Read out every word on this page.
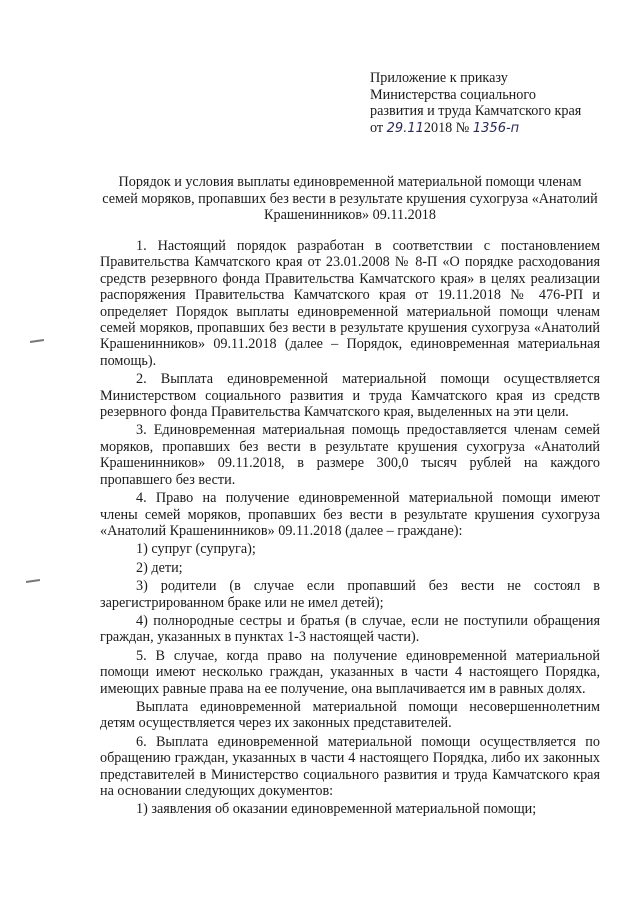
Приложение к приказу
Министерства социального
развития и труда Камчатского края
от 29.112018 № 1356-п
Порядок и условия выплаты единовременной материальной помощи членам семей моряков, пропавших без вести в результате крушения сухогруза «Анатолий Крашенинников» 09.11.2018

1. Настоящий порядок разработан в соответствии с постановлением Правительства Камчатского края от 23.01.2008 № 8-П «О порядке расходования средств резервного фонда Правительства Камчатского края» в целях реализации распоряжения Правительства Камчатского края от 19.11.2018 № 476-РП и определяет Порядок выплаты единовременной материальной помощи членам семей моряков, пропавших без вести в результате крушения сухогруза «Анатолий Крашенинников» 09.11.2018 (далее – Порядок, единовременная материальная помощь).

2. Выплата единовременной материальной помощи осуществляется Министерством социального развития и труда Камчатского края из средств резервного фонда Правительства Камчатского края, выделенных на эти цели.

3. Единовременная материальная помощь предоставляется членам семей моряков, пропавших без вести в результате крушения сухогруза «Анатолий Крашенинников» 09.11.2018, в размере 300,0 тысяч рублей на каждого пропавшего без вести.

4. Право на получение единовременной материальной помощи имеют члены семей моряков, пропавших без вести в результате крушения сухогруза «Анатолий Крашенинников» 09.11.2018 (далее – граждане):

1) супруг (супруга);

2) дети;

3) родители (в случае если пропавший без вести не состоял в зарегистрированном браке или не имел детей);

4) полнородные сестры и братья (в случае, если не поступили обращения граждан, указанных в пунктах 1-3 настоящей части).

5. В случае, когда право на получение единовременной материальной помощи имеют несколько граждан, указанных в части 4 настоящего Порядка, имеющих равные права на ее получение, она выплачивается им в равных долях.

Выплата единовременной материальной помощи несовершеннолетним детям осуществляется через их законных представителей.

6. Выплата единовременной материальной помощи осуществляется по обращению граждан, указанных в части 4 настоящего Порядка, либо их законных представителей в Министерство социального развития и труда Камчатского края на основании следующих документов:

1) заявления об оказании единовременной материальной помощи;
